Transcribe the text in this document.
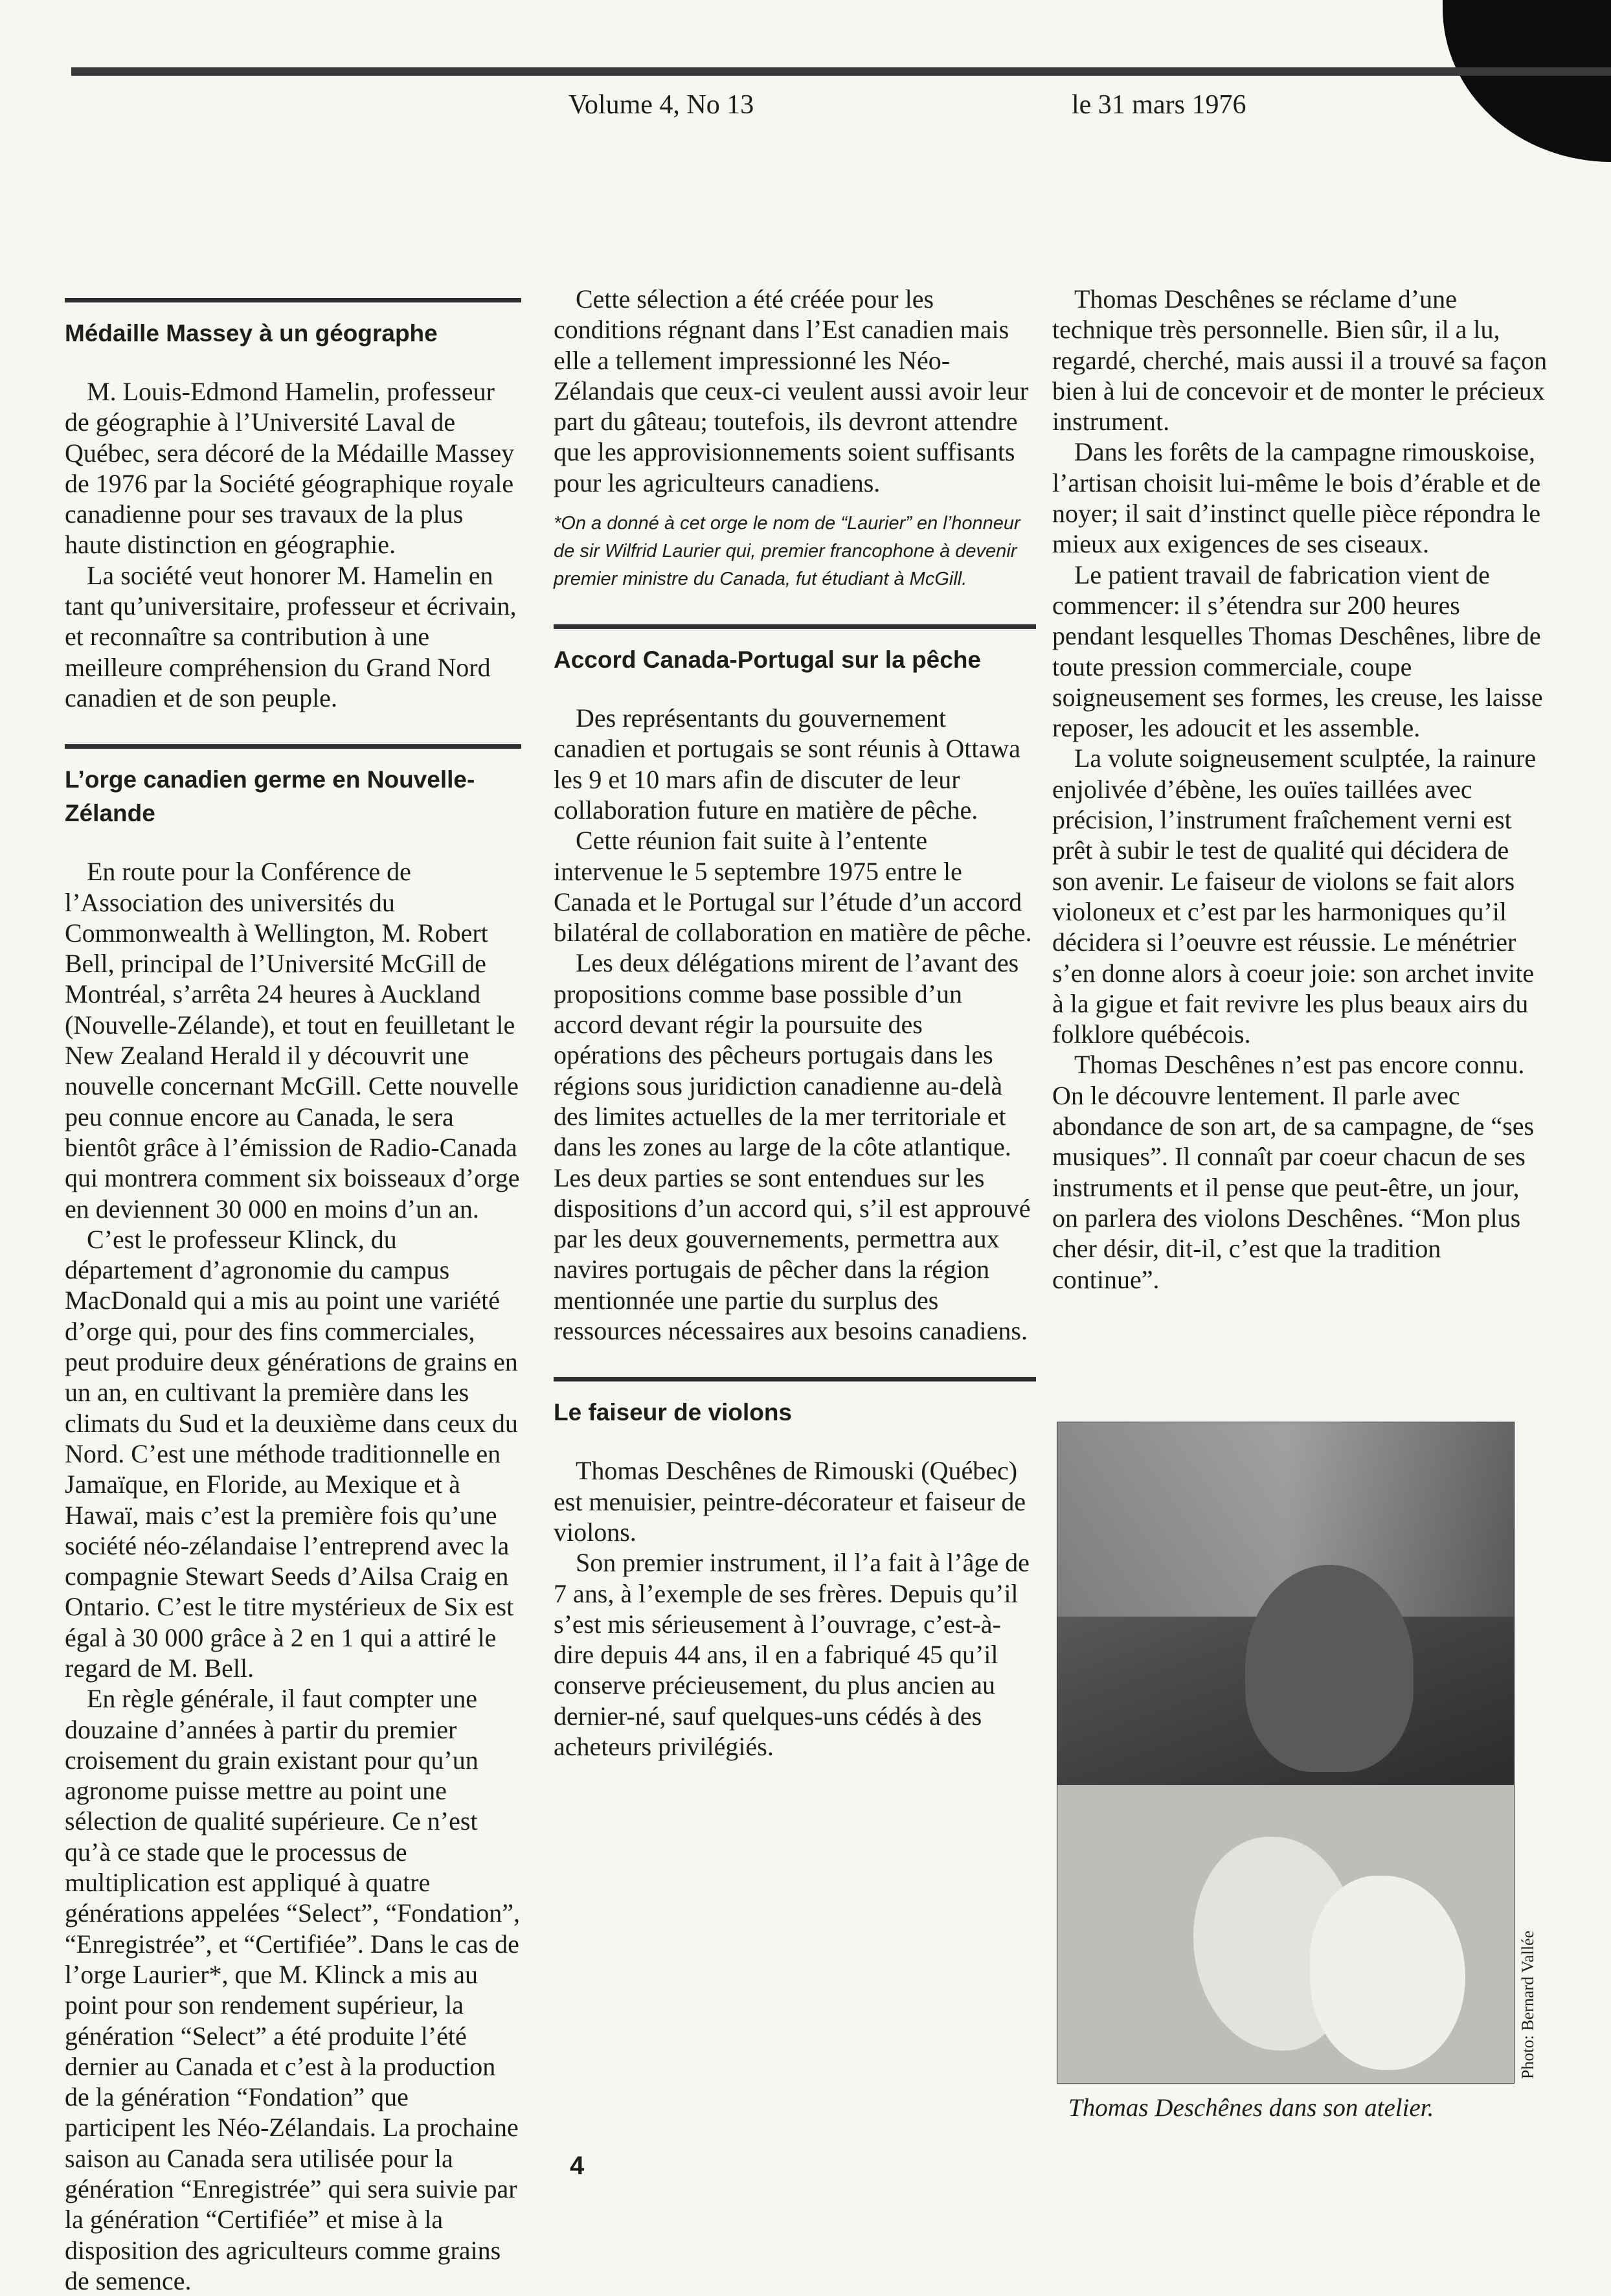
Volume 4, No 13	le 31 mars 1976
Médaille Massey à un géographe

M. Louis-Edmond Hamelin, professeur de géographie à l’Université Laval de Québec, sera décoré de la Médaille Massey de 1976 par la Société géographique royale canadienne pour ses travaux de la plus haute distinction en géographie.

La société veut honorer M. Hamelin en tant qu’universitaire, professeur et écrivain, et reconnaître sa contribution à une meilleure compréhension du Grand Nord canadien et de son peuple.

L’orge canadien germe en Nouvelle-Zélande

En route pour la Conférence de l’Association des universités du Commonwealth à Wellington, M. Robert Bell, principal de l’Université McGill de Montréal, s’arrêta 24 heures à Auckland (Nouvelle-Zélande), et tout en feuilletant le New Zealand Herald il y découvrit une nouvelle concernant McGill. Cette nouvelle peu connue encore au Canada, le sera bientôt grâce à l’émission de Radio-Canada qui montrera comment six boisseaux d’orge en deviennent 30 000 en moins d’un an.

C’est le professeur Klinck, du département d’agronomie du campus MacDonald qui a mis au point une variété d’orge qui, pour des fins commerciales, peut produire deux générations de grains en un an, en cultivant la première dans les climats du Sud et la deuxième dans ceux du Nord. C’est une méthode traditionnelle en Jamaïque, en Floride, au Mexique et à Hawaï, mais c’est la première fois qu’une société néo-zélandaise l’entreprend avec la compagnie Stewart Seeds d’Ailsa Craig en Ontario. C’est le titre mystérieux de Six est égal à 30 000 grâce à 2 en 1 qui a attiré le regard de M. Bell.

En règle générale, il faut compter une douzaine d’années à partir du premier croisement du grain existant pour qu’un agronome puisse mettre au point une sélection de qualité supérieure. Ce n’est qu’à ce stade que le processus de multiplication est appliqué à quatre générations appelées “Select”, “Fondation”, “Enregistrée”, et “Certifiée”. Dans le cas de l’orge Laurier*, que M. Klinck a mis au point pour son rendement supérieur, la génération “Select” a été produite l’été dernier au Canada et c’est à la production de la génération “Fondation” que participent les Néo-Zélandais. La prochaine saison au Canada sera utilisée pour la génération “Enregistrée” qui sera suivie par la génération “Certifiée” et mise à la disposition des agriculteurs comme grains de semence.

Cette sélection a été créée pour les conditions régnant dans l’Est canadien mais elle a tellement impressionné les Néo-Zélandais que ceux-ci veulent aussi avoir leur part du gâteau; toutefois, ils devront attendre que les approvisionnements soient suffisants pour les agriculteurs canadiens.

*On a donné à cet orge le nom de “Laurier” en l’honneur de sir Wilfrid Laurier qui, premier francophone à devenir premier ministre du Canada, fut étudiant à McGill.

Accord Canada-Portugal sur la pêche

Des représentants du gouvernement canadien et portugais se sont réunis à Ottawa les 9 et 10 mars afin de discuter de leur collaboration future en matière de pêche.

Cette réunion fait suite à l’entente intervenue le 5 septembre 1975 entre le Canada et le Portugal sur l’étude d’un accord bilatéral de collaboration en matière de pêche.

Les deux délégations mirent de l’avant des propositions comme base possible d’un accord devant régir la poursuite des opérations des pêcheurs portugais dans les régions sous juridiction canadienne au-delà des limites actuelles de la mer territoriale et dans les zones au large de la côte atlantique. Les deux parties se sont entendues sur les dispositions d’un accord qui, s’il est approuvé par les deux gouvernements, permettra aux navires portugais de pêcher dans la région mentionnée une partie du surplus des ressources nécessaires aux besoins canadiens.

Le faiseur de violons

Thomas Deschênes de Rimouski (Québec) est menuisier, peintre-décorateur et faiseur de violons.

Son premier instrument, il l’a fait à l’âge de 7 ans, à l’exemple de ses frères. Depuis qu’il s’est mis sérieusement à l’ouvrage, c’est-à-dire depuis 44 ans, il en a fabriqué 45 qu’il conserve précieusement, du plus ancien au dernier-né, sauf quelques-uns cédés à des acheteurs privilégiés.

Thomas Deschênes se réclame d’une technique très personnelle. Bien sûr, il a lu, regardé, cherché, mais aussi il a trouvé sa façon bien à lui de concevoir et de monter le précieux instrument.

Dans les forêts de la campagne rimouskoise, l’artisan choisit lui-même le bois d’érable et de noyer; il sait d’instinct quelle pièce répondra le mieux aux exigences de ses ciseaux.

Le patient travail de fabrication vient de commencer: il s’étendra sur 200 heures pendant lesquelles Thomas Deschênes, libre de toute pression commerciale, coupe soigneusement ses formes, les creuse, les laisse reposer, les adoucit et les assemble.

La volute soigneusement sculptée, la rainure enjolivée d’ébène, les ouïes taillées avec précision, l’instrument fraîchement verni est prêt à subir le test de qualité qui décidera de son avenir. Le faiseur de violons se fait alors violoneux et c’est par les harmoniques qu’il décidera si l’oeuvre est réussie. Le ménétrier s’en donne alors à coeur joie: son archet invite à la gigue et fait revivre les plus beaux airs du folklore québécois.

Thomas Deschênes n’est pas encore connu. On le découvre lentement. Il parle avec abondance de son art, de sa campagne, de “ses musiques”. Il connaît par coeur chacun de ses instruments et il pense que peut-être, un jour, on parlera des violons Deschênes. “Mon plus cher désir, dit-il, c’est que la tradition continue”.

Photo: Bernard Vallée
Thomas Deschênes dans son atelier.
4
